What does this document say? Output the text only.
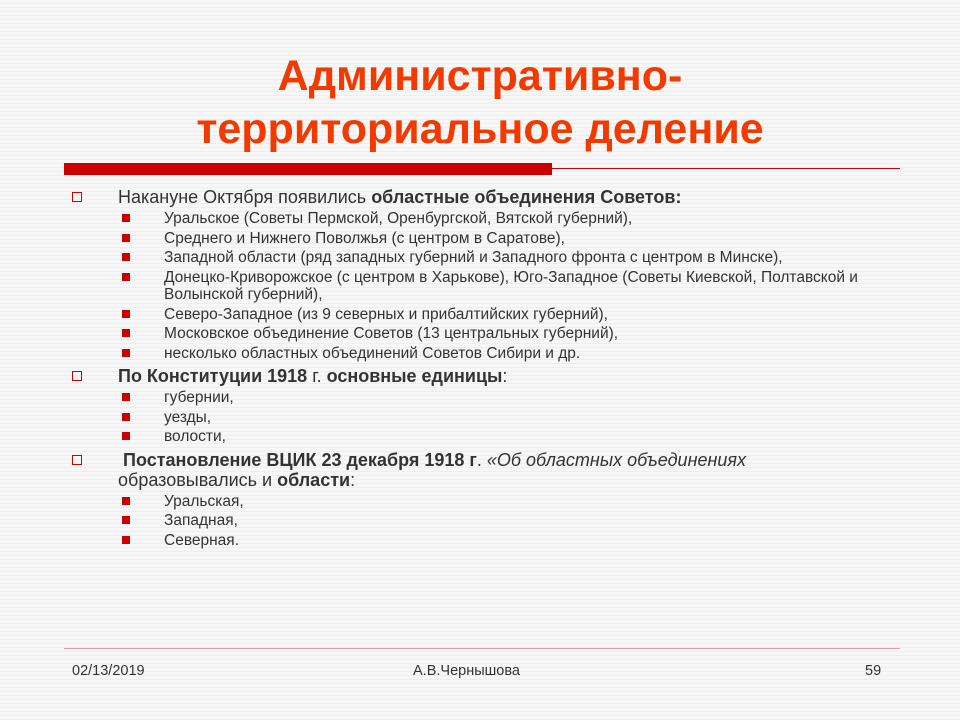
Административно-
территориальное деление
Накануне Октября появились областные объединения Советов:
Уральское (Советы Пермской, Оренбургской, Вятской губерний),
Среднего и Нижнего Поволжья (с центром в Саратове),
Западной области (ряд западных губерний и Западного фронта с центром в Минске),
Донецко-Криворожское (с центром в Харькове), Юго-Западное (Советы Киевской, Полтавской и Волынской губерний),
Северо-Западное (из 9 северных и прибалтийских губерний),
Московское объединение Советов (13 центральных губерний),
несколько областных объединений Советов Сибири и др.
По Конституции 1918 г. основные единицы:
губернии,
уезды,
волости,
Постановление ВЦИК 23 декабря 1918 г. «Об областных объединениях  образовывались и области:
Уральская,
Западная,
Северная.
02/13/2019	А.В.Чернышова	59
